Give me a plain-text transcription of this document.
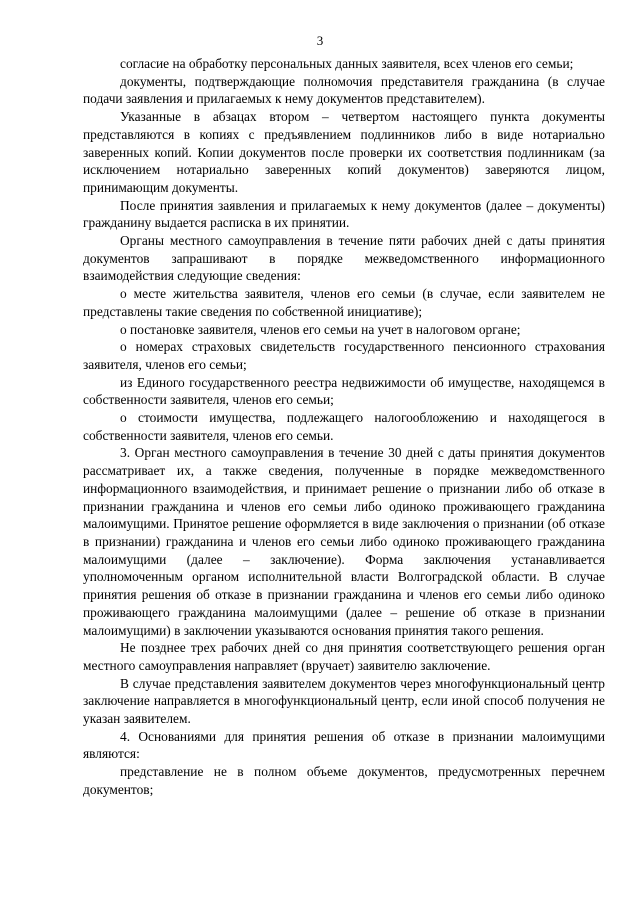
3

согласие на обработку персональных данных заявителя, всех членов его семьи;

документы, подтверждающие полномочия представителя гражданина (в случае подачи заявления и прилагаемых к нему документов представителем).

Указанные в абзацах втором – четвертом настоящего пункта документы представляются в копиях с предъявлением подлинников либо в виде нотариально заверенных копий. Копии документов после проверки их соответствия подлинникам (за исключением нотариально заверенных копий документов) заверяются лицом, принимающим документы.

После принятия заявления и прилагаемых к нему документов (далее – документы) гражданину выдается расписка в их принятии.

Органы местного самоуправления в течение пяти рабочих дней с даты принятия документов запрашивают в порядке межведомственного информационного взаимодействия следующие сведения:

о месте жительства заявителя, членов его семьи (в случае, если заявителем не представлены такие сведения по собственной инициативе);

о постановке заявителя, членов его семьи на учет в налоговом органе;

о номерах страховых свидетельств государственного пенсионного страхования заявителя, членов его семьи;

из Единого государственного реестра недвижимости об имуществе, находящемся в собственности заявителя, членов его семьи;

о стоимости имущества, подлежащего налогообложению и находящегося в собственности заявителя, членов его семьи.

3. Орган местного самоуправления в течение 30 дней с даты принятия документов рассматривает их, а также сведения, полученные в порядке межведомственного информационного взаимодействия, и принимает решение о признании либо об отказе в признании гражданина и членов его семьи либо одиноко проживающего гражданина малоимущими. Принятое решение оформляется в виде заключения о признании (об отказе в признании) гражданина и членов его семьи либо одиноко проживающего гражданина малоимущими (далее – заключение). Форма заключения устанавливается уполномоченным органом исполнительной власти Волгоградской области. В случае принятия решения об отказе в признании гражданина и членов его семьи либо одиноко проживающего гражданина малоимущими (далее – решение об отказе в признании малоимущими) в заключении указываются основания принятия такого решения.

Не позднее трех рабочих дней со дня принятия соответствующего решения орган местного самоуправления направляет (вручает) заявителю заключение.

В случае представления заявителем документов через многофункциональный центр заключение направляется в многофункциональный центр, если иной способ получения не указан заявителем.

4. Основаниями для принятия решения об отказе в признании малоимущими являются:

представление не в полном объеме документов, предусмотренных перечнем документов;
